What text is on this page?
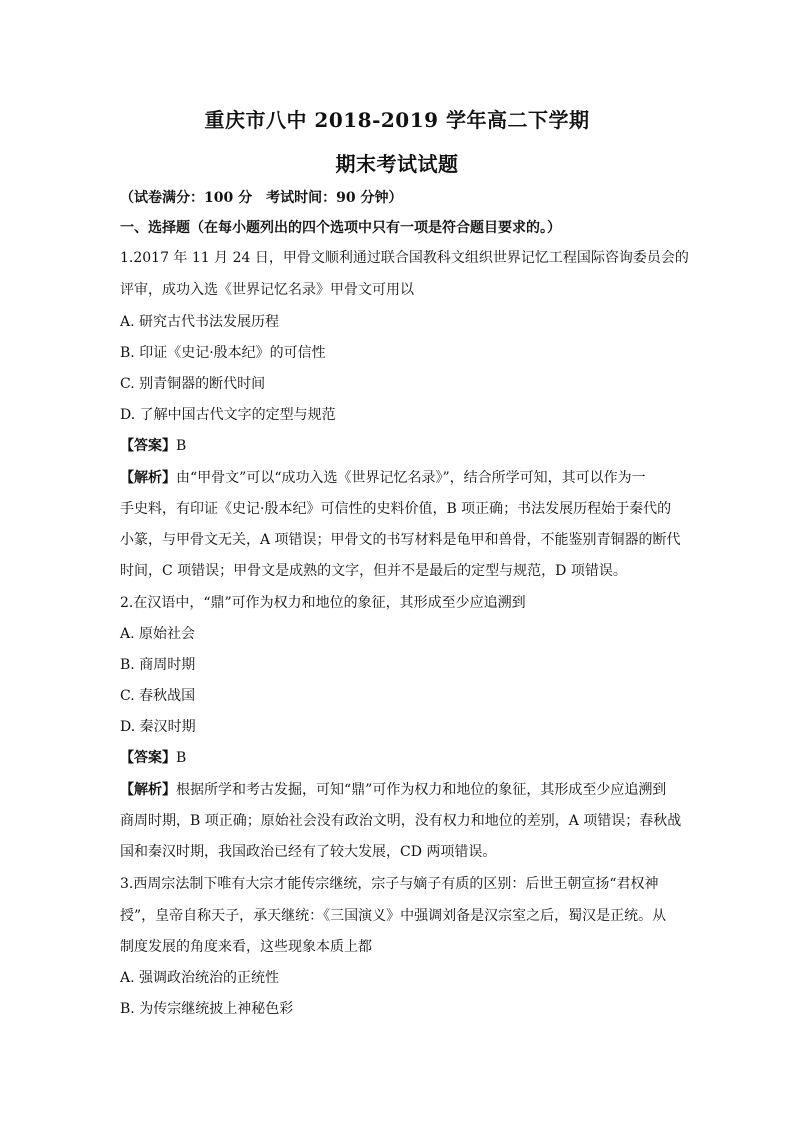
重庆市八中 2018-2019 学年高二下学期
期末考试试题
（试卷满分：100 分　考试时间：90 分钟）
一、选择题（在每小题列出的四个选项中只有一项是符合题目要求的。）
1.2017 年 11 月 24 日，甲骨文顺利通过联合国教科文组织世界记忆工程国际咨询委员会的
评审，成功入选《世界记忆名录》甲骨文可用以
A. 研究古代书法发展历程
B. 印证《史记·殷本纪》的可信性
C. 别青铜器的断代时间
D. 了解中国古代文字的定型与规范
【答案】B
【解析】由“甲骨文”可以“成功入选《世界记忆名录》”，结合所学可知，其可以作为一
手史料，有印证《史记·殷本纪》可信性的史料价值，B 项正确；书法发展历程始于秦代的
小篆，与甲骨文无关，A 项错误；甲骨文的书写材料是龟甲和兽骨，不能鉴别青铜器的断代
时间，C 项错误；甲骨文是成熟的文字，但并不是最后的定型与规范，D 项错误。
2.在汉语中，“鼎”可作为权力和地位的象征，其形成至少应追溯到
A. 原始社会
B. 商周时期
C. 春秋战国
D. 秦汉时期
【答案】B
【解析】根据所学和考古发掘，可知“鼎”可作为权力和地位的象征，其形成至少应追溯到
商周时期，B 项正确；原始社会没有政治文明，没有权力和地位的差别，A 项错误；春秋战
国和秦汉时期，我国政治已经有了较大发展，CD 两项错误。
3.西周宗法制下唯有大宗才能传宗继统，宗子与嫡子有质的区别：后世王朝宣扬“君权神
授”，皇帝自称天子，承天继统：《三国演义》中强调刘备是汉宗室之后，蜀汉是正统。从
制度发展的角度来看，这些现象本质上都
A. 强调政治统治的正统性
B. 为传宗继统披上神秘色彩
